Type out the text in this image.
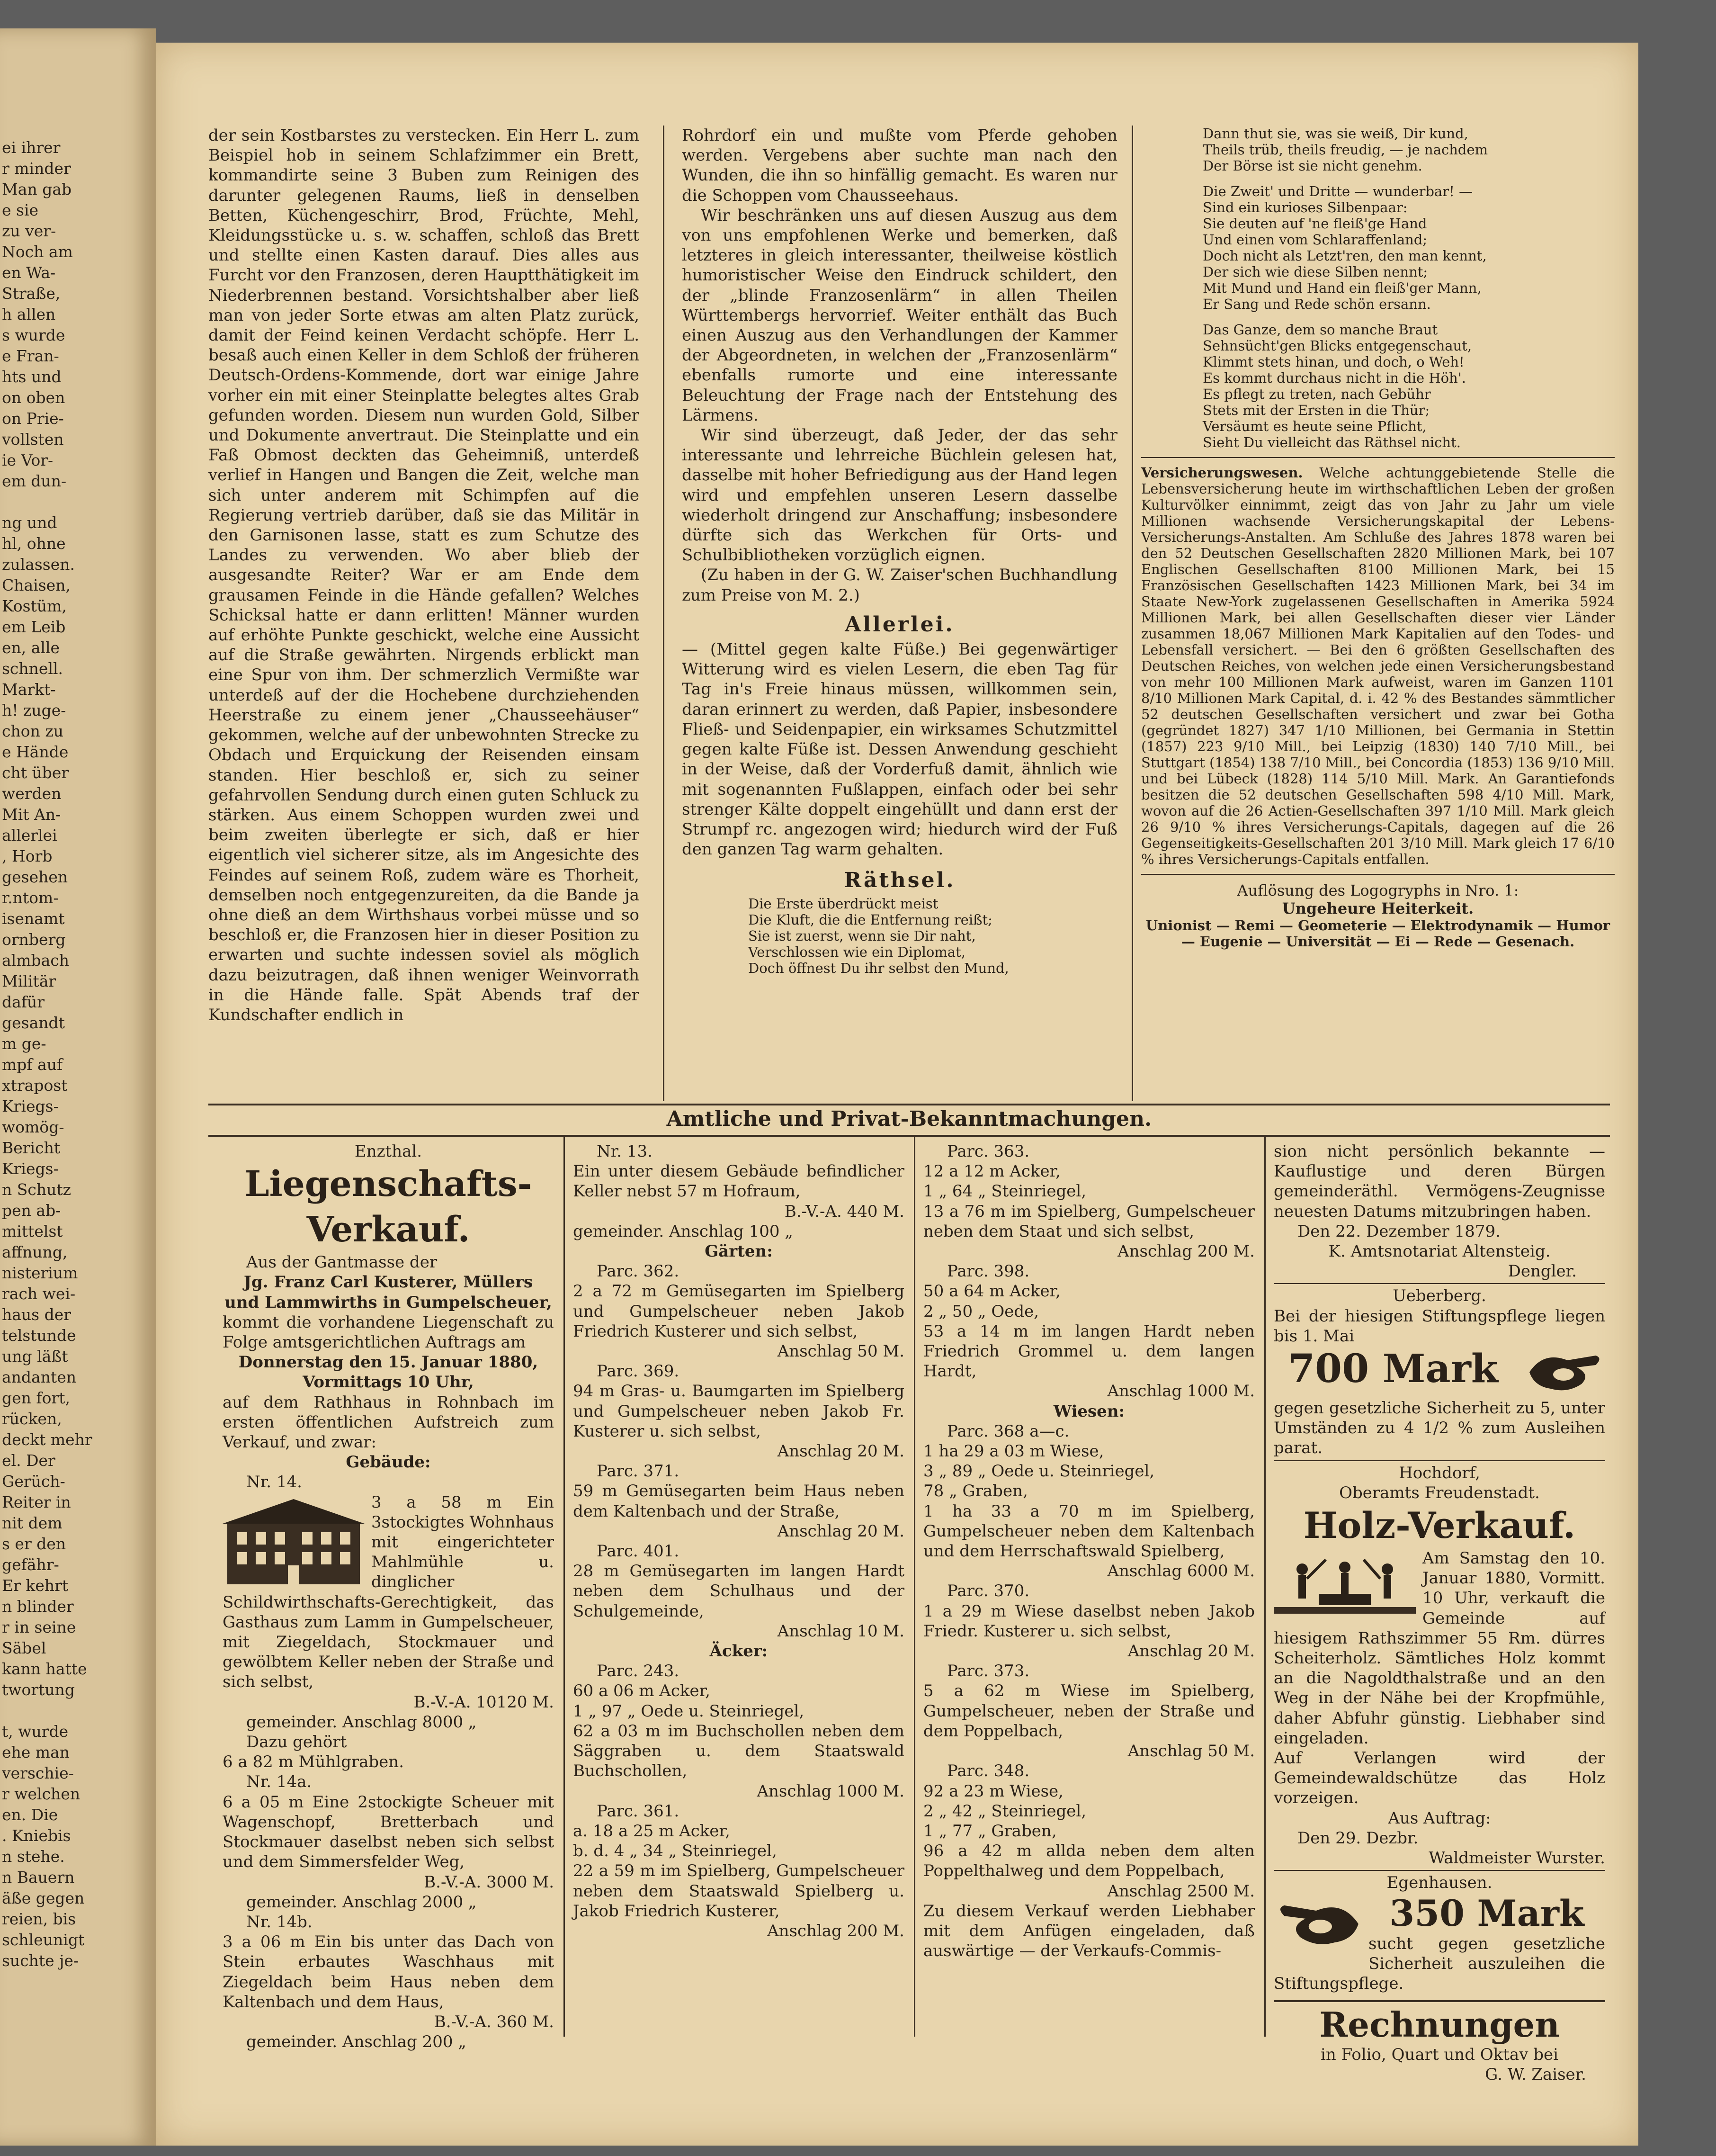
ei ihrer
r minder
Man gab
e sie
zu ver-
Noch am
en Wa-
Straße,
h allen
s wurde
e Fran-
hts und
on oben
on Prie-
vollsten
ie Vor-
em dun-
ng und
hl, ohne
zulassen.
Chaisen,
Kostüm,
em Leib
en, alle
schnell.
Markt-
h! zuge-
chon zu
e Hände
cht über
werden
Mit An-
allerlei
, Horb
gesehen
r.ntom-
isenamt
ornberg
almbach
Militär
dafür
gesandt
m ge-
mpf auf
xtrapost
Kriegs-
womög-
Bericht
Kriegs-
n Schutz
pen ab-
mittelst
affnung,
nisterium
rach wei-
haus der
telstunde
ung läßt
andanten
gen fort,
rücken,
deckt mehr
el. Der
Gerüch-
Reiter in
nit dem
s er den
gefähr-
Er kehrt
n blinder
r in seine
Säbel
kann hatte
twortung
t, wurde
ehe man
verschie-
r welchen
en. Die
. Kniebis
n stehe.
n Bauern
äße gegen
reien, bis
schleunigt
suchte je-

der sein Kostbarstes zu verstecken. Ein Herr L. zum Beispiel hob in seinem Schlafzimmer ein Brett, kommandirte seine 3 Buben zum Reinigen des darunter gelegenen Raums, ließ in denselben Betten, Küchengeschirr, Brod, Früchte, Mehl, Kleidungsstücke u. s. w. schaffen, schloß das Brett und stellte einen Kasten darauf. Dies alles aus Furcht vor den Franzosen, deren Hauptthätigkeit im Niederbrennen bestand. Vorsichtshalber aber ließ man von jeder Sorte etwas am alten Platz zurück, damit der Feind keinen Verdacht schöpfe. Herr L. besaß auch einen Keller in dem Schloß der früheren Deutsch-Ordens-Kommende, dort war einige Jahre vorher ein mit einer Steinplatte belegtes altes Grab gefunden worden. Diesem nun wurden Gold, Silber und Dokumente anvertraut. Die Steinplatte und ein Faß Obmost deckten das Geheimniß, unterdeß verlief in Hangen und Bangen die Zeit, welche man sich unter anderem mit Schimpfen auf die Regierung vertrieb darüber, daß sie das Militär in den Garnisonen lasse, statt es zum Schutze des Landes zu verwenden. Wo aber blieb der ausgesandte Reiter? War er am Ende dem grausamen Feinde in die Hände gefallen? Welches Schicksal hatte er dann erlitten! Männer wurden auf erhöhte Punkte geschickt, welche eine Aussicht auf die Straße gewährten. Nirgends erblickt man eine Spur von ihm. Der schmerzlich Vermißte war unterdeß auf der die Hochebene durchziehenden Heerstraße zu einem jener „Chausseehäuser“ gekommen, welche auf der unbewohnten Strecke zu Obdach und Erquickung der Reisenden einsam standen. Hier beschloß er, sich zu seiner gefahrvollen Sendung durch einen guten Schluck zu stärken. Aus einem Schoppen wurden zwei und beim zweiten überlegte er sich, daß er hier eigentlich viel sicherer sitze, als im Angesichte des Feindes auf seinem Roß, zudem wäre es Thorheit, demselben noch entgegenzureiten, da die Bande ja ohne dieß an dem Wirthshaus vorbei müsse und so beschloß er, die Franzosen hier in dieser Position zu erwarten und suchte indessen soviel als möglich dazu beizutragen, daß ihnen weniger Weinvorrath in die Hände falle. Spät Abends traf der Kundschafter endlich in

Rohrdorf ein und mußte vom Pferde gehoben werden. Vergebens aber suchte man nach den Wunden, die ihn so hinfällig gemacht. Es waren nur die Schoppen vom Chausseehaus.

Wir beschränken uns auf diesen Auszug aus dem von uns empfohlenen Werke und bemerken, daß letzteres in gleich interessanter, theilweise köstlich humoristischer Weise den Eindruck schildert, den der „blinde Franzosenlärm“ in allen Theilen Württembergs hervorrief. Weiter enthält das Buch einen Auszug aus den Verhandlungen der Kammer der Abgeordneten, in welchen der „Franzosenlärm“ ebenfalls rumorte und eine interessante Beleuchtung der Frage nach der Entstehung des Lärmens.

Wir sind überzeugt, daß Jeder, der das sehr interessante und lehrreiche Büchlein gelesen hat, dasselbe mit hoher Befriedigung aus der Hand legen wird und empfehlen unseren Lesern dasselbe wiederholt dringend zur Anschaffung; insbesondere dürfte sich das Werkchen für Orts- und Schulbibliotheken vorzüglich eignen.

(Zu haben in der G. W. Zaiser'schen Buchhandlung zum Preise von M. 2.)

Allerlei.

— (Mittel gegen kalte Füße.) Bei gegenwärtiger Witterung wird es vielen Lesern, die eben Tag für Tag in's Freie hinaus müssen, willkommen sein, daran erinnert zu werden, daß Papier, insbesondere Fließ- und Seidenpapier, ein wirksames Schutzmittel gegen kalte Füße ist. Dessen Anwendung geschieht in der Weise, daß der Vorderfuß damit, ähnlich wie mit sogenannten Fußlappen, einfach oder bei sehr strenger Kälte doppelt eingehüllt und dann erst der Strumpf rc. angezogen wird; hiedurch wird der Fuß den ganzen Tag warm gehalten.

Räthsel.
Die Erste überdrückt meist
Die Kluft, die die Entfernung reißt;
Sie ist zuerst, wenn sie Dir naht,
Verschlossen wie ein Diplomat,
Doch öffnest Du ihr selbst den Mund,
Dann thut sie, was sie weiß, Dir kund,
Theils trüb, theils freudig, — je nachdem
Der Börse ist sie nicht genehm.
Die Zweit' und Dritte — wunderbar! —
Sind ein kurioses Silbenpaar:
Sie deuten auf 'ne fleiß'ge Hand
Und einen vom Schlaraffenland;
Doch nicht als Letzt'ren, den man kennt,
Der sich wie diese Silben nennt;
Mit Mund und Hand ein fleiß'ger Mann,
Er Sang und Rede schön ersann.
Das Ganze, dem so manche Braut
Sehnsücht'gen Blicks entgegenschaut,
Klimmt stets hinan, und doch, o Weh!
Es kommt durchaus nicht in die Höh'.
Es pflegt zu treten, nach Gebühr
Stets mit der Ersten in die Thür;
Versäumt es heute seine Pflicht,
Sieht Du vielleicht das Räthsel nicht.
Versicherungswesen. Welche achtunggebietende Stelle die Lebensversicherung heute im wirthschaftlichen Leben der großen Kulturvölker einnimmt, zeigt das von Jahr zu Jahr um viele Millionen wachsende Versicherungskapital der Lebens-Versicherungs-Anstalten. Am Schluße des Jahres 1878 waren bei den 52 Deutschen Gesellschaften 2820 Millionen Mark, bei 107 Englischen Gesellschaften 8100 Millionen Mark, bei 15 Französischen Gesellschaften 1423 Millionen Mark, bei 34 im Staate New-York zugelassenen Gesellschaften in Amerika 5924 Millionen Mark, bei allen Gesellschaften dieser vier Länder zusammen 18,067 Millionen Mark Kapitalien auf den Todes- und Lebensfall versichert. — Bei den 6 größten Gesellschaften des Deutschen Reiches, von welchen jede einen Versicherungsbestand von mehr 100 Millionen Mark aufweist, waren im Ganzen 1101 8/10 Millionen Mark Capital, d. i. 42 % des Bestandes sämmtlicher 52 deutschen Gesellschaften versichert und zwar bei Gotha (gegründet 1827) 347 1/10 Millionen, bei Germania in Stettin (1857) 223 9/10 Mill., bei Leipzig (1830) 140 7/10 Mill., bei Stuttgart (1854) 138 7/10 Mill., bei Concordia (1853) 136 9/10 Mill. und bei Lübeck (1828) 114 5/10 Mill. Mark. An Garantiefonds besitzen die 52 deutschen Gesellschaften 598 4/10 Mill. Mark, wovon auf die 26 Actien-Gesellschaften 397 1/10 Mill. Mark gleich 26 9/10 % ihres Versicherungs-Capitals, dagegen auf die 26 Gegenseitigkeits-Gesellschaften 201 3/10 Mill. Mark gleich 17 6/10 % ihres Versicherungs-Capitals entfallen.
Auflösung des Logogryphs in Nro. 1:
Ungeheure Heiterkeit.
Unionist — Remi — Geometerie — Elektrodynamik — Humor — Eugenie — Universität — Ei — Rede — Gesenach.
Amtliche und Privat-Bekanntmachungen.
Enzthal.
Liegenschafts-Verkauf.
Aus der Gantmasse der
Jg. Franz Carl Kusterer, Müllers
und Lammwirths in Gumpelscheuer,
kommt die vorhandene Liegenschaft zu Folge amtsgerichtlichen Auftrags am
Donnerstag den 15. Januar 1880,
Vormittags 10 Uhr,
auf dem Rathhaus in Rohnbach im ersten öffentlichen Aufstreich zum Verkauf, und zwar:
Gebäude:
Nr. 14.
3 a 58 m Ein 3stockigtes Wohnhaus mit eingerichteter Mahlmühle u. dinglicher Schildwirthschafts-Gerechtigkeit, das Gasthaus zum Lamm in Gumpelscheuer, mit Ziegeldach, Stockmauer und gewölbtem Keller neben der Straße und sich selbst,
B.-V.-A. 10120 M.
gemeinder. Anschlag 8000 „
Dazu gehört
6 a 82 m Mühlgraben.
Nr. 14a.
6 a 05 m Eine 2stockigte Scheuer mit Wagenschopf, Bretterbach und Stockmauer daselbst neben sich selbst und dem Simmersfelder Weg,
B.-V.-A. 3000 M.
gemeinder. Anschlag 2000 „
Nr. 14b.
3 a 06 m Ein bis unter das Dach von Stein erbautes Waschhaus mit Ziegeldach beim Haus neben dem Kaltenbach und dem Haus,
B.-V.-A. 360 M.
gemeinder. Anschlag 200 „
Nr. 13.
Ein unter diesem Gebäude befindlicher Keller nebst 57 m Hofraum,
B.-V.-A. 440 M.
gemeinder. Anschlag 100 „
Gärten:
Parc. 362.
2 a 72 m Gemüsegarten im Spielberg und Gumpelscheuer neben Jakob Friedrich Kusterer und sich selbst,
Anschlag 50 M.
Parc. 369.
94 m Gras- u. Baumgarten im Spielberg und Gumpelscheuer neben Jakob Fr. Kusterer u. sich selbst,
Anschlag 20 M.
Parc. 371.
59 m Gemüsegarten beim Haus neben dem Kaltenbach und der Straße,
Anschlag 20 M.
Parc. 401.
28 m Gemüsegarten im langen Hardt neben dem Schulhaus und der Schulgemeinde,
Anschlag 10 M.
Äcker:
Parc. 243.
60 a 06 m Acker,
1 „ 97 „ Oede u. Steinriegel,
62 a 03 m im Buchschollen neben dem Säggraben u. dem Staatswald Buchschollen,
Anschlag 1000 M.
Parc. 361.
a. 18 a 25 m Acker,
b. d. 4 „ 34 „ Steinriegel,
22 a 59 m im Spielberg, Gumpelscheuer neben dem Staatswald Spielberg u. Jakob Friedrich Kusterer,
Anschlag 200 M.
Parc. 363.
12 a 12 m Acker,
1 „ 64 „ Steinriegel,
13 a 76 m im Spielberg, Gumpelscheuer neben dem Staat und sich selbst,
Anschlag 200 M.
Parc. 398.
50 a 64 m Acker,
2 „ 50 „ Oede,
53 a 14 m im langen Hardt neben Friedrich Grommel u. dem langen Hardt,
Anschlag 1000 M.
Wiesen:
Parc. 368 a—c.
1 ha 29 a 03 m Wiese,
3 „ 89 „ Oede u. Steinriegel,
78 „ Graben,
1 ha 33 a 70 m im Spielberg, Gumpelscheuer neben dem Kaltenbach und dem Herrschaftswald Spielberg,
Anschlag 6000 M.
Parc. 370.
1 a 29 m Wiese daselbst neben Jakob Friedr. Kusterer u. sich selbst,
Anschlag 20 M.
Parc. 373.
5 a 62 m Wiese im Spielberg, Gumpelscheuer, neben der Straße und dem Poppelbach,
Anschlag 50 M.
Parc. 348.
92 a 23 m Wiese,
2 „ 42 „ Steinriegel,
1 „ 77 „ Graben,
96 a 42 m allda neben dem alten Poppelthalweg und dem Poppelbach,
Anschlag 2500 M.
Zu diesem Verkauf werden Liebhaber mit dem Anfügen eingeladen, daß auswärtige — der Verkaufs-Commis-
sion nicht persönlich bekannte — Kauflustige und deren Bürgen gemeinderäthl. Vermögens-Zeugnisse neuesten Datums mitzubringen haben.
Den 22. Dezember 1879.
K. Amtsnotariat Altensteig.
Dengler.
Ueberberg.
Bei der hiesigen Stiftungspflege liegen bis 1. Mai
700 Mark
gegen gesetzliche Sicherheit zu 5, unter Umständen zu 4 1/2 % zum Ausleihen parat.
Hochdorf,
Oberamts Freudenstadt.
Holz-Verkauf.
Am Samstag den 10. Januar 1880, Vormitt. 10 Uhr, verkauft die Gemeinde auf hiesigem Rathszimmer 55 Rm. dürres Scheiterholz. Sämtliches Holz kommt an die Nagoldthalstraße und an den Weg in der Nähe bei der Kropfmühle, daher Abfuhr günstig. Liebhaber sind eingeladen.
Auf Verlangen wird der Gemeindewaldschütze das Holz vorzeigen.
Aus Auftrag:
Den 29. Dezbr.
Waldmeister Wurster.
Egenhausen.
350 Mark
sucht gegen gesetzliche Sicherheit auszuleihen die Stiftungspflege.
Rechnungen
in Folio, Quart und Oktav bei
G. W. Zaiser.
